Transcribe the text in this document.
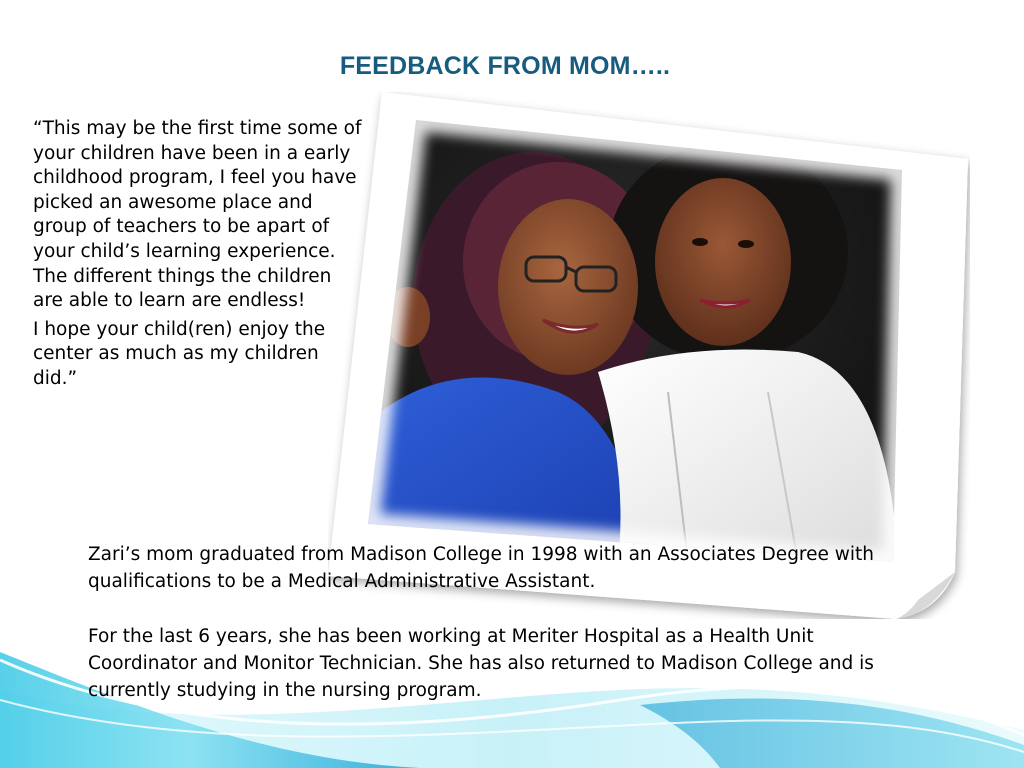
FEEDBACK FROM MOM…..

“This may be the first time some of your children have been in a early childhood program, I feel you have picked an awesome place and group of teachers to be apart of your child’s learning experience. The different things the children are able to learn are endless!

I hope your child(ren) enjoy the center as much as my children did.”

Zari’s mom graduated from Madison College in 1998 with an Associates Degree with qualifications to be a Medical Administrative Assistant.

For the last 6 years, she has been working at Meriter Hospital as a Health Unit Coordinator and Monitor Technician. She has also returned to Madison College and is currently studying in the nursing program.
